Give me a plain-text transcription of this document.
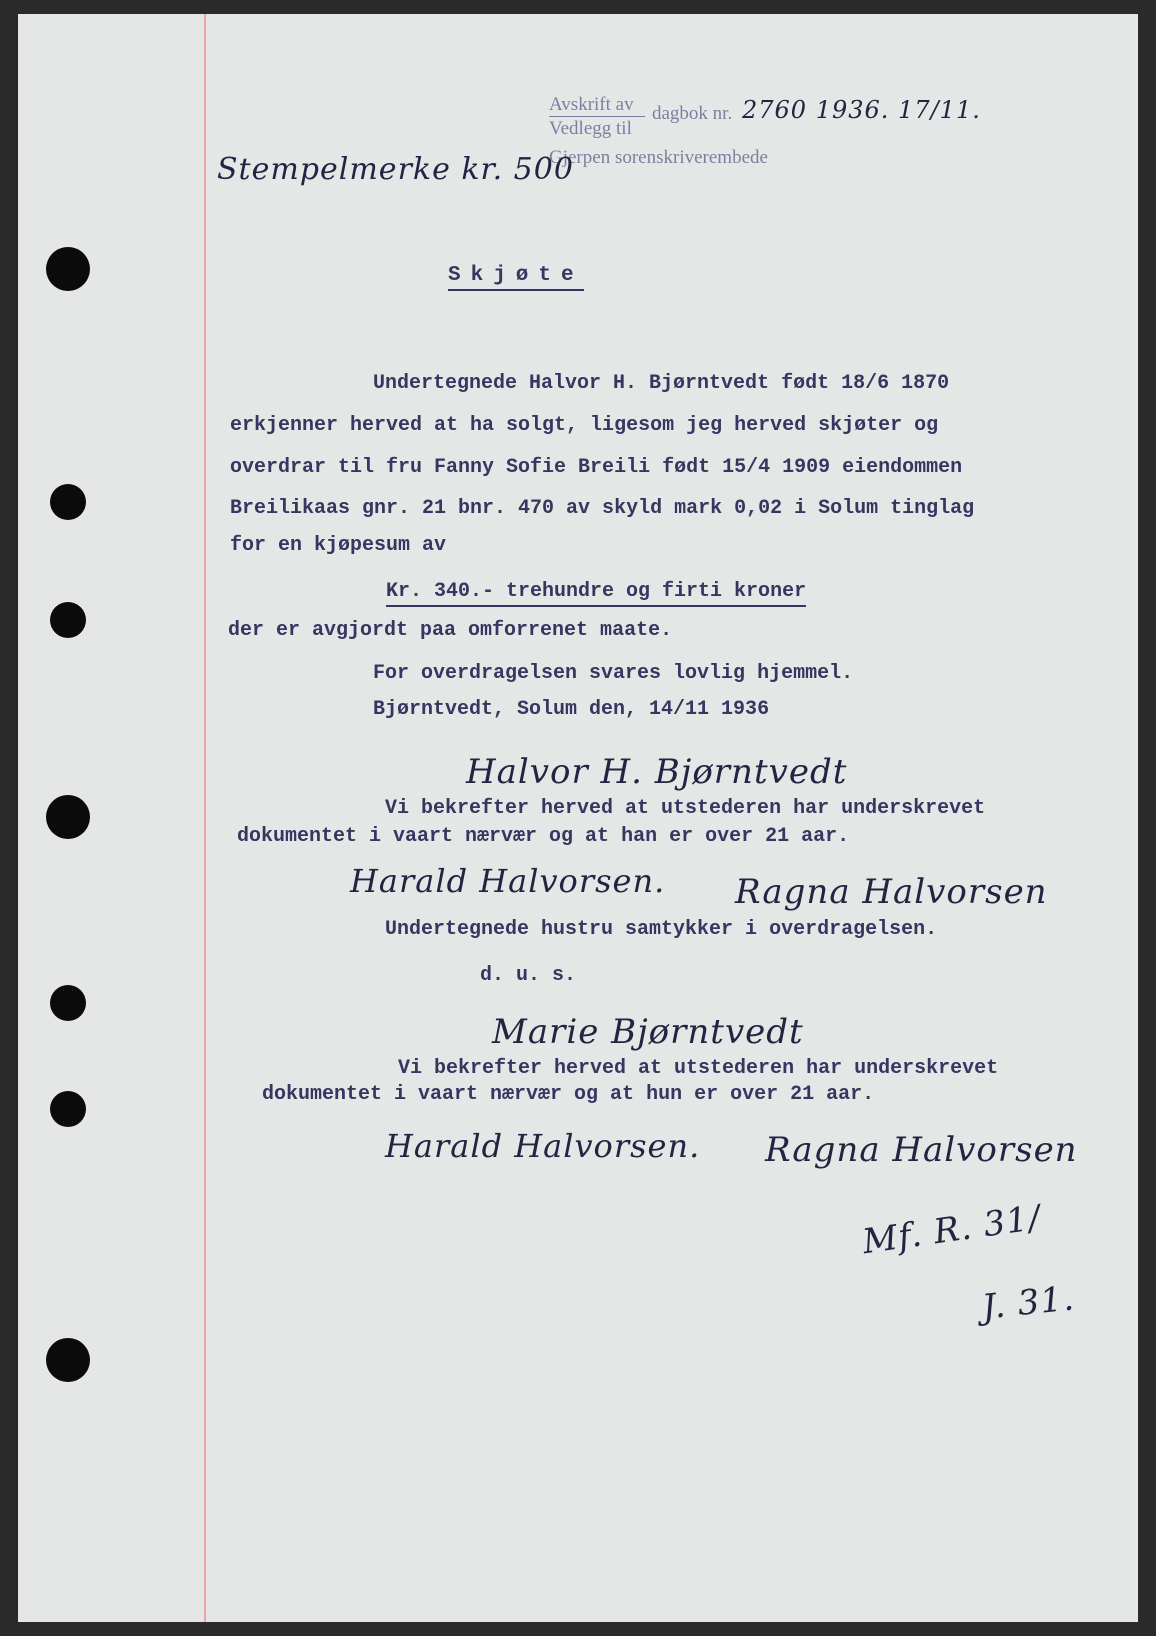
Avskrift av
Vedlegg til
dagbok nr. 2760 1936. 17/11.
Gjerpen sorenskriverembede
Stempelmerke kr. 500
Skjøte
Undertegnede Halvor H. Bjørntvedt født 18/6 1870
erkjenner herved at ha solgt, ligesom jeg herved skjøter og
overdrar til fru Fanny Sofie Breili født 15/4 1909 eiendommen
Breilikaas gnr. 21 bnr. 470 av skyld mark 0,02 i Solum tinglag
for en kjøpesum av
Kr. 340.- trehundre og firti kroner
der er avgjordt paa omforrenet maate.
For overdragelsen svares lovlig hjemmel.
Bjørntvedt, Solum den, 14/11 1936
Halvor H. Bjørntvedt
Vi bekrefter herved at utstederen har underskrevet
dokumentet i vaart nærvær og at han er over 21 aar.
Harald Halvorsen. Ragna Halvorsen
Undertegnede hustru samtykker i overdragelsen.
d. u. s.
Marie Bjørntvedt
Vi bekrefter herved at utstederen har underskrevet
dokumentet i vaart nærvær og at hun er over 21 aar.
Harald Halvorsen. Ragna Halvorsen
Mf. R. 31/
J. 31.
